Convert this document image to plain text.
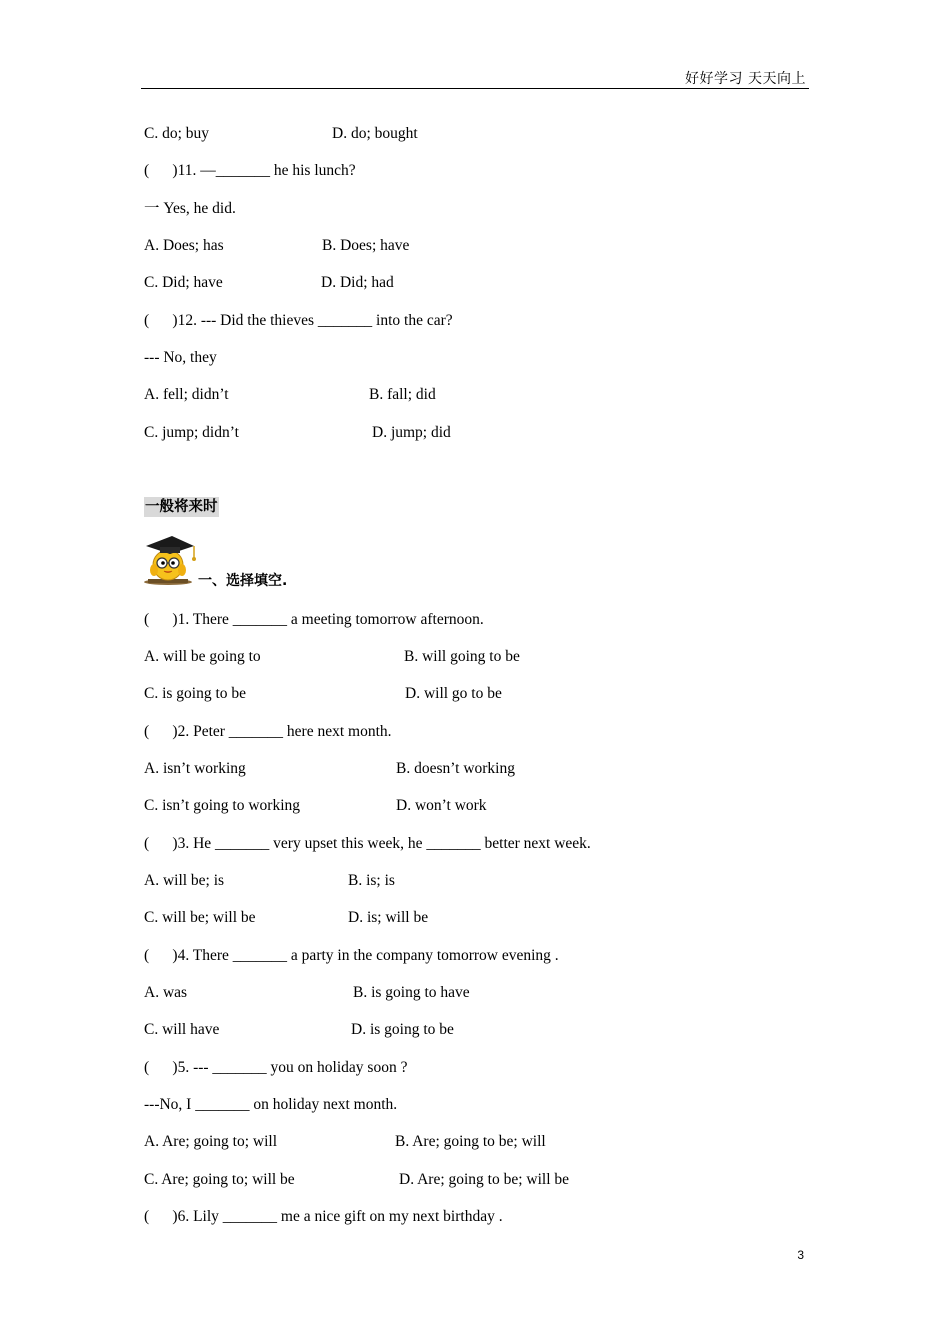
好好学习 天天向上
C. do; buy	D. do; bought
(      )11. —_______ he his lunch?
一 Yes, he did.
A. Does; has	B. Does; have
C. Did; have	D. Did; had
(      )12. --- Did the thieves _______ into the car?
--- No, they
A. fell; didn’t	B. fall; did
C. jump; didn’t	D. jump; did
一般将来时
一、选择填空.
(      )1. There _______ a meeting tomorrow afternoon.
A. will be going to	B. will going to be
C. is going to be	D. will go to be
(      )2. Peter _______ here next month.
A. isn’t working	B. doesn’t working
C. isn’t going to working	D. won’t work
(      )3. He _______ very upset this week, he _______ better next week.
A. will be; is	B. is; is
C. will be; will be	D. is; will be
(      )4. There _______ a party in the company tomorrow evening .
A. was	B. is going to have
C. will have	D. is going to be
(      )5. --- _______ you on holiday soon ?
---No, I _______ on holiday next month.
A. Are; going to; will	B. Are; going to be; will
C. Are; going to; will be	D. Are; going to be; will be
(      )6. Lily _______ me a nice gift on my next birthday .
3
